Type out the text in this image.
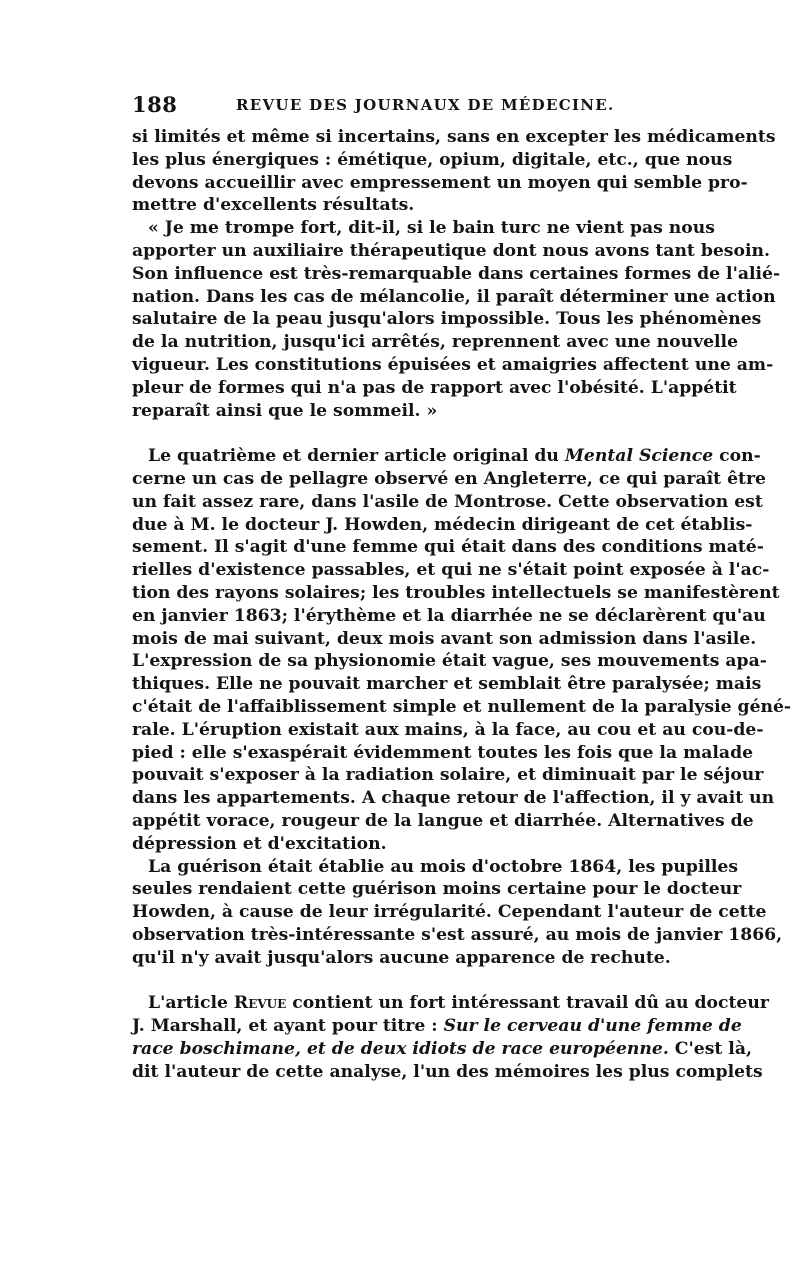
188	REVUE DES JOURNAUX DE MÉDECINE.

si limités et même si incertains, sans en excepter les médicaments
les plus énergiques : émétique, opium, digitale, etc., que nous
devons accueillir avec empressement un moyen qui semble pro-
mettre d'excellents résultats.

« Je me trompe fort, dit-il, si le bain turc ne vient pas nous
apporter un auxiliaire thérapeutique dont nous avons tant besoin.
Son influence est très-remarquable dans certaines formes de l'alié-
nation. Dans les cas de mélancolie, il paraît déterminer une action
salutaire de la peau jusqu'alors impossible. Tous les phénomènes
de la nutrition, jusqu'ici arrêtés, reprennent avec une nouvelle
vigueur. Les constitutions épuisées et amaigries affectent une am-
pleur de formes qui n'a pas de rapport avec l'obésité. L'appétit
reparaît ainsi que le sommeil. »

Le quatrième et dernier article original du Mental Science con-
cerne un cas de pellagre observé en Angleterre, ce qui paraît être
un fait assez rare, dans l'asile de Montrose. Cette observation est
due à M. le docteur J. Howden, médecin dirigeant de cet établis-
sement. Il s'agit d'une femme qui était dans des conditions maté-
rielles d'existence passables, et qui ne s'était point exposée à l'ac-
tion des rayons solaires; les troubles intellectuels se manifestèrent
en janvier 1863; l'érythème et la diarrhée ne se déclarèrent qu'au
mois de mai suivant, deux mois avant son admission dans l'asile.
L'expression de sa physionomie était vague, ses mouvements apa-
thiques. Elle ne pouvait marcher et semblait être paralysée; mais
c'était de l'affaiblissement simple et nullement de la paralysie géné-
rale. L'éruption existait aux mains, à la face, au cou et au cou-de-
pied : elle s'exaspérait évidemment toutes les fois que la malade
pouvait s'exposer à la radiation solaire, et diminuait par le séjour
dans les appartements. A chaque retour de l'affection, il y avait un
appétit vorace, rougeur de la langue et diarrhée. Alternatives de
dépression et d'excitation.

La guérison était établie au mois d'octobre 1864, les pupilles
seules rendaient cette guérison moins certaine pour le docteur
Howden, à cause de leur irrégularité. Cependant l'auteur de cette
observation très-intéressante s'est assuré, au mois de janvier 1866,
qu'il n'y avait jusqu'alors aucune apparence de rechute.

L'article Revue contient un fort intéressant travail dû au docteur
J. Marshall, et ayant pour titre : Sur le cerveau d'une femme de
race boschimane, et de deux idiots de race européenne. C'est là,
dit l'auteur de cette analyse, l'un des mémoires les plus complets
